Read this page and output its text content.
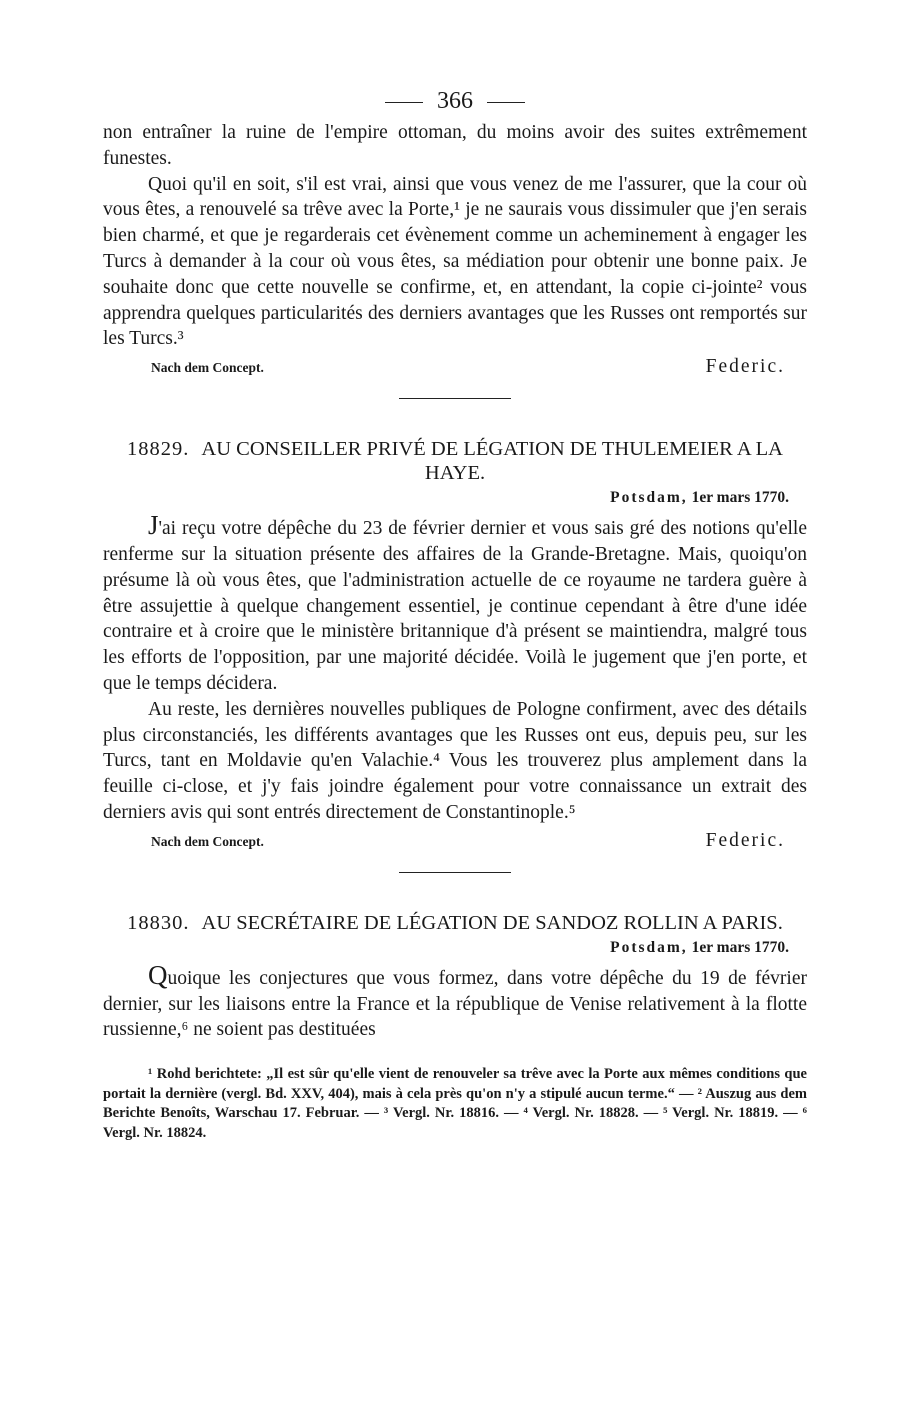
366

non entraîner la ruine de l'empire ottoman, du moins avoir des suites extrêmement funestes.

Quoi qu'il en soit, s'il est vrai, ainsi que vous venez de me l'assurer, que la cour où vous êtes, a renouvelé sa trêve avec la Porte,¹ je ne saurais vous dissimuler que j'en serais bien charmé, et que je regarderais cet évènement comme un acheminement à engager les Turcs à demander à la cour où vous êtes, sa médiation pour obtenir une bonne paix. Je souhaite donc que cette nouvelle se confirme, et, en attendant, la copie ci-jointe² vous apprendra quelques particularités des derniers avantages que les Russes ont remportés sur les Turcs.³

Nach dem Concept.	Federic.
18829. AU CONSEILLER PRIVÉ DE LÉGATION DE THULEMEIER A LA HAYE.
Potsdam, 1er mars 1770.

J'ai reçu votre dépêche du 23 de février dernier et vous sais gré des notions qu'elle renferme sur la situation présente des affaires de la Grande-Bretagne. Mais, quoiqu'on présume là où vous êtes, que l'administration actuelle de ce royaume ne tardera guère à être assujettie à quelque changement essentiel, je continue cependant à être d'une idée contraire et à croire que le ministère britannique d'à présent se maintiendra, malgré tous les efforts de l'opposition, par une majorité décidée. Voilà le jugement que j'en porte, et que le temps décidera.

Au reste, les dernières nouvelles publiques de Pologne confirment, avec des détails plus circonstanciés, les différents avantages que les Russes ont eus, depuis peu, sur les Turcs, tant en Moldavie qu'en Valachie.⁴ Vous les trouverez plus amplement dans la feuille ci-close, et j'y fais joindre également pour votre connaissance un extrait des derniers avis qui sont entrés directement de Constantinople.⁵

Nach dem Concept.	Federic.
18830. AU SECRÉTAIRE DE LÉGATION DE SANDOZ ROLLIN A PARIS.
Potsdam, 1er mars 1770.

Quoique les conjectures que vous formez, dans votre dépêche du 19 de février dernier, sur les liaisons entre la France et la république de Venise relativement à la flotte russienne,⁶ ne soient pas destituées

¹ Rohd berichtete: „Il est sûr qu'elle vient de renouveler sa trêve avec la Porte aux mêmes conditions que portait la dernière (vergl. Bd. XXV, 404), mais à cela près qu'on n'y a stipulé aucun terme.“ — ² Auszug aus dem Berichte Benoîts, Warschau 17. Februar. — ³ Vergl. Nr. 18816. — ⁴ Vergl. Nr. 18828. — ⁵ Vergl. Nr. 18819. — ⁶ Vergl. Nr. 18824.
